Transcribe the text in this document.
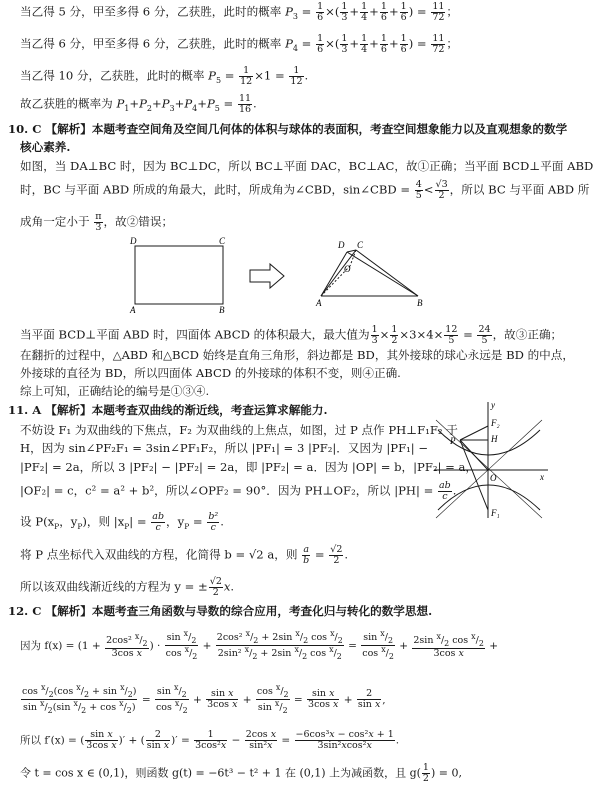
当乙得 5 分，甲至多得 6 分，乙获胜，此时的概率 $P_3 = \frac{1}{6}$ ×( $\frac{1}{3} + \frac{1}{4} + \frac{1}{6} + \frac{1}{6}$ ) = $\frac{11}{72}$ ；
当乙得 6 分，甲至多得 6 分，乙获胜，此时的概率 $P_4 = \frac{1}{6}$ ×( $\frac{1}{3} + \frac{1}{4} + \frac{1}{6} + \frac{1}{6}$ ) = $\frac{11}{72}$ ；
当乙得 10 分，乙获胜，此时的概率 $P_5 = \frac{1}{12} \times 1 = \frac{1}{12}$ .
故乙获胜的概率为 $P_1+P_2+P_3+P_4+P_5 = \frac{11}{16}$ .
10. C 【解析】本题考查空间角及空间几何体的体积与球体的表面积，考查空间想象能力以及直观想象的数学
核心素养.
如图，当 DA⊥BC 时，因为 BC⊥DC，所以 BC⊥平面 DAC，BC⊥AC，故①正确；当平面 BCD⊥平面 ABD
时，BC 与平面 ABD 所成的角最大，此时，所成角为∠CBD，sin∠CBD = $\frac{4}{5} < \frac{√3}{2}$ ，所以 BC 与平面 ABD 所
成角一定小于 $\frac{\pi}{3}$ ，故②错误；
D	C
A	B
D C
O
A	B
当平面 BCD⊥平面 ABD 时，四面体 ABCD 的体积最大，最大值为 $\frac{1}{3} \times \frac{1}{2} \times 3\times 4\times \frac{12}{5} = \frac{24}{5}$ ，故③正确；
在翻折的过程中，△ABD 和△BCD 始终是直角三角形，斜边都是 BD，其外接球的球心永远是 BD 的中点，
外接球的直径为 BD，所以四面体 ABCD 的外接球的体积不变，则④正确.
综上可知，正确结论的编号是①③④.
11. A 【解析】本题考查双曲线的渐近线，考查运算求解能力.
不妨设 F₁ 为双曲线的下焦点，F₂ 为双曲线的上焦点，如图，过 P 点作 PH⊥F₁F₂ 于
H，因为 sin∠PF₂F₁ = 3sin∠PF₁F₂，所以 |PF₁| = 3 |PF₂|．又因为 |PF₁| −
|PF₂| = 2a，所以 3 |PF₂| − |PF₂| = 2a，即 |PF₂| = a．因为 |OP| = b，|PF₂| = a，
|OF₂| = c，c² = a² + b²，所以∠OPF₂ = 90°．因为 PH⊥OF₂，所以 $|PH| = \frac{ab}{c}$ .
设 $P(x_P$，$y_P$)，则 $|x_P| = \frac{ab}{c}$ ，$y_P = \frac{\text{b²}}{c}$ .
将 P 点坐标代入双曲线的方程，化简得 b = √2 a，则 $\frac{a}{b} = \frac{√2}{2}$ .
所以该双曲线渐近线的方程为 y = ± $\frac{√2}{2} x$.
y
F₂
H
P
O	x
F₁
12. C 【解析】本题考查三角函数与导数的综合应用，考查化归与转化的数学思想.
因为 $f(x) = (1 + \frac{2\cos^2 ^x/_2}{\text{3cos x}}$ ) · $\frac{\sin ^x/_2}{\cos ^x/_2} + \frac{2\cos^2 ^x/_2 + 2\sin ^x/_2 \cos ^x/_2}{2\sin^2 ^x/_2 + 2\sin ^x/_2 \cos ^x/_2} = \frac{\sin ^x/_2}{\cos ^x/_2} + \frac{2\sin ^x/_2 \cos ^x/_2}{\text{3cos x}}$ +
$\frac{\cos ^x/_2(\cos ^x/_2 + \sin ^x/_2)}{\sin ^x/_2(\sin ^x/_2 + \cos ^x/_2)} = \frac{\sin ^x/_2}{\cos ^x/_2} + \frac{\text{sin x}}{\text{3cos x}} + \frac{\cos ^x/_2}{\sin ^x/_2} = \frac{\text{sin x}}{\text{3cos x}} + \frac{2}{\text{sin x}}$ ,
所以 f′(x) = ( $\frac{\text{sin x}}{\text{3cos x}}$ )′ + ( $\frac{2}{\text{sin x}}$ )′ = $\frac{1}{\text{3cos²x}} - \frac{\text{2cos x}}{\text{sin²x}} = \frac{\text{−6cos³x − cos²x + 1}}{\text{3sin²xcos²x}}$ .
令 t = cos x ∈ (0,1)，则函数 g(t) = −6t³ − t² + 1 在 (0,1) 上为减函数，且 $g( \frac{1}{2}$ ) = 0,
